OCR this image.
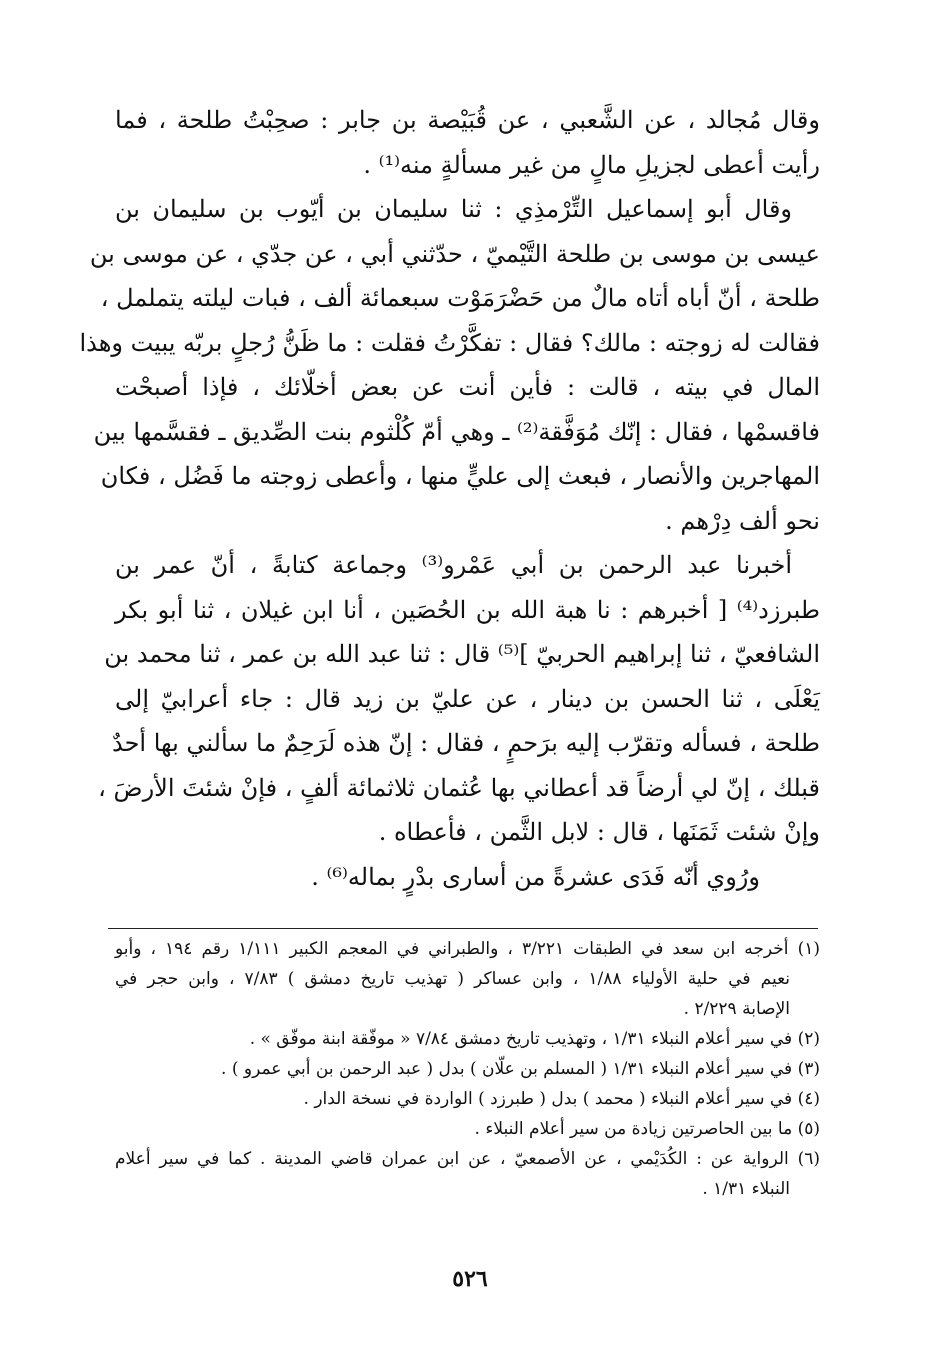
وقال مُجالد ، عن الشَّعبي ، عن قُبَيْصة بن جابر : صحِبْتُ طلحة ، فما
رأيت أعطى لجزيلِ مالٍ من غير مسألةٍ منه⁽¹⁾ .
وقال أبو إسماعيل التِّرْمذِي : ثنا سليمان بن أيّوب بن سليمان بن
عيسى بن موسى بن طلحة التَّيْميّ ، حدّثني أبي ، عن جدّي ، عن موسى بن
طلحة ، أنّ أباه أتاه مالٌ من حَضْرَمَوْت سبعمائة ألف ، فبات ليلته يتململ ،
فقالت له زوجته : مالك؟ فقال : تفكَّرْتُ فقلت : ما ظَنُّ رُجلٍ بربّه يبيت وهذا
المال في بيته ، قالت : فأين أنت عن بعض أخلّائك ، فإذا أصبحْت
فاقسمْها ، فقال : إنّك مُوَفَّقة⁽²⁾ ـ وهي أمّ كُلْثوم بنت الصِّديق ـ فقسَّمها بين
المهاجرين والأنصار ، فبعث إلى عليٍّ منها ، وأعطى زوجته ما فَضُل ، فكان
نحو ألف دِرْهم .
أخبرنا عبد الرحمن بن أبي عَمْرو⁽³⁾ وجماعة كتابةً ، أنّ عمر بن
طبرزد⁽⁴⁾ [ أخبرهم : نا هبة الله بن الحُصَين ، أنا ابن غيلان ، ثنا أبو بكر
الشافعيّ ، ثنا إبراهيم الحربيّ ]⁽⁵⁾ قال : ثنا عبد الله بن عمر ، ثنا محمد بن
يَعْلَى ، ثنا الحسن بن دينار ، عن عليّ بن زيد قال : جاء أعرابيّ إلى
طلحة ، فسأله وتقرّب إليه برَحمٍ ، فقال : إنّ هذه لَرَحِمٌ ما سألني بها أحدٌ
قبلك ، إنّ لي أرضاً قد أعطاني بها عُثمان ثلاثمائة ألفٍ ، فإنْ شئتَ الأرضَ ،
وإنْ شئت ثَمَنَها ، قال : لابل الثَّمن ، فأعطاه .
ورُوي أنّه فَدَى عشرةً من أسارى بدْرٍ بماله⁽⁶⁾ .
(١) أخرجه ابن سعد في الطبقات ٣/٢٢١ ، والطبراني في المعجم الكبير ١/١١١ رقم ١٩٤ ، وأبو
نعيم في حلية الأولياء ١/٨٨ ، وابن عساكر ( تهذيب تاريخ دمشق ) ٧/٨٣ ، وابن حجر في
الإصابة ٢/٢٢٩ .
(٢) في سير أعلام النبلاء ١/٣١ ، وتهذيب تاريخ دمشق ٧/٨٤ « موفّقة ابنة موفّق » .
(٣) في سير أعلام النبلاء ١/٣١ ( المسلم بن علّان ) بدل ( عبد الرحمن بن أبي عمرو ) .
(٤) في سير أعلام النبلاء ( محمد ) بدل ( طبرزد ) الواردة في نسخة الدار .
(٥) ما بين الحاصرتين زيادة من سير أعلام النبلاء .
(٦) الرواية عن : الكُدَيْمي ، عن الأصمعيّ ، عن ابن عمران قاضي المدينة . كما في سير أعلام
النبلاء ١/٣١ .
٥٢٦
